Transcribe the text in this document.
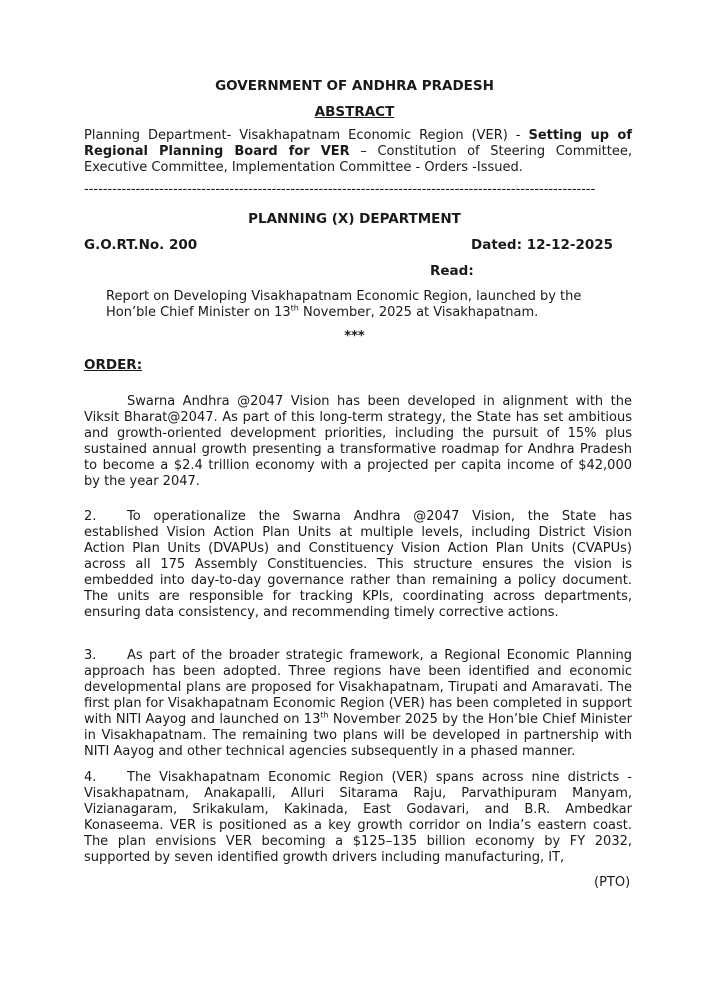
GOVERNMENT OF ANDHRA PRADESH
ABSTRACT
Planning Department- Visakhapatnam Economic Region (VER) - Setting up of Regional Planning Board for VER – Constitution of Steering Committee, Executive Committee, Implementation Committee - Orders -Issued.
-------------------------------------------------------------------------------------------------------------
PLANNING (X) DEPARTMENT
G.O.RT.No. 200	Dated: 12-12-2025
Read:
Report on Developing Visakhapatnam Economic Region, launched by the Hon’ble Chief Minister on 13th November, 2025 at Visakhapatnam.
***
ORDER:
Swarna Andhra @2047 Vision has been developed in alignment with the Viksit Bharat@2047. As part of this long-term strategy, the State has set ambitious and growth-oriented development priorities, including the pursuit of 15% plus sustained annual growth presenting a transformative roadmap for Andhra Pradesh to become a $2.4 trillion economy with a projected per capita income of $42,000 by the year 2047.
2. To operationalize the Swarna Andhra @2047 Vision, the State has established Vision Action Plan Units at multiple levels, including District Vision Action Plan Units (DVAPUs) and Constituency Vision Action Plan Units (CVAPUs) across all 175 Assembly Constituencies. This structure ensures the vision is embedded into day-to-day governance rather than remaining a policy document. The units are responsible for tracking KPIs, coordinating across departments, ensuring data consistency, and recommending timely corrective actions.
3. As part of the broader strategic framework, a Regional Economic Planning approach has been adopted. Three regions have been identified and economic developmental plans are proposed for Visakhapatnam, Tirupati and Amaravati. The first plan for Visakhapatnam Economic Region (VER) has been completed in support with NITI Aayog and launched on 13th November 2025 by the Hon’ble Chief Minister in Visakhapatnam. The remaining two plans will be developed in partnership with NITI Aayog and other technical agencies subsequently in a phased manner.
4. The Visakhapatnam Economic Region (VER) spans across nine districts - Visakhapatnam, Anakapalli, Alluri Sitarama Raju, Parvathipuram Manyam, Vizianagaram, Srikakulam, Kakinada, East Godavari, and B.R. Ambedkar Konaseema. VER is positioned as a key growth corridor on India’s eastern coast. The plan envisions VER becoming a $125–135 billion economy by FY 2032, supported by seven identified growth drivers including manufacturing, IT,
(PTO)
